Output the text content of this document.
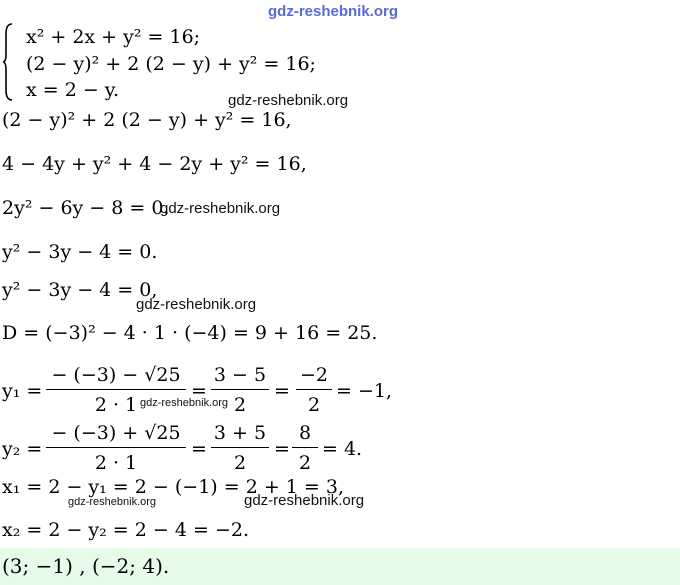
gdz-reshebnik.org
x² + 2x + y² = 16;
(2 − y)² + 2 (2 − y) + y² = 16;
x = 2 − y.	gdz-reshebnik.org
(2 − y)² + 2 (2 − y) + y² = 16,
4 − 4y + y² + 4 − 2y + y² = 16,
2y² − 6y − 8 = 0.
gdz-reshebnik.org
y² − 3y − 4 = 0.
y² − 3y − 4 = 0,
gdz-reshebnik.org
D = (−3)² − 4 · 1 · (−4) = 9 + 16 = 25.
y₁ =
− (−3) − √25
2 · 1 gdz-reshebnik.org
=
3 − 5
2
=
−2
2
= −1,
y₂ =
− (−3) + √25
2 · 1
=
3 + 5
2
=
8
2
= 4.
x₁ = 2 − y₁ = 2 − (−1) = 2 + 1 = 3,
gdz-reshebnik.org	gdz-reshebnik.org
x₂ = 2 − y₂ = 2 − 4 = −2.
(3; −1) , (−2; 4).
